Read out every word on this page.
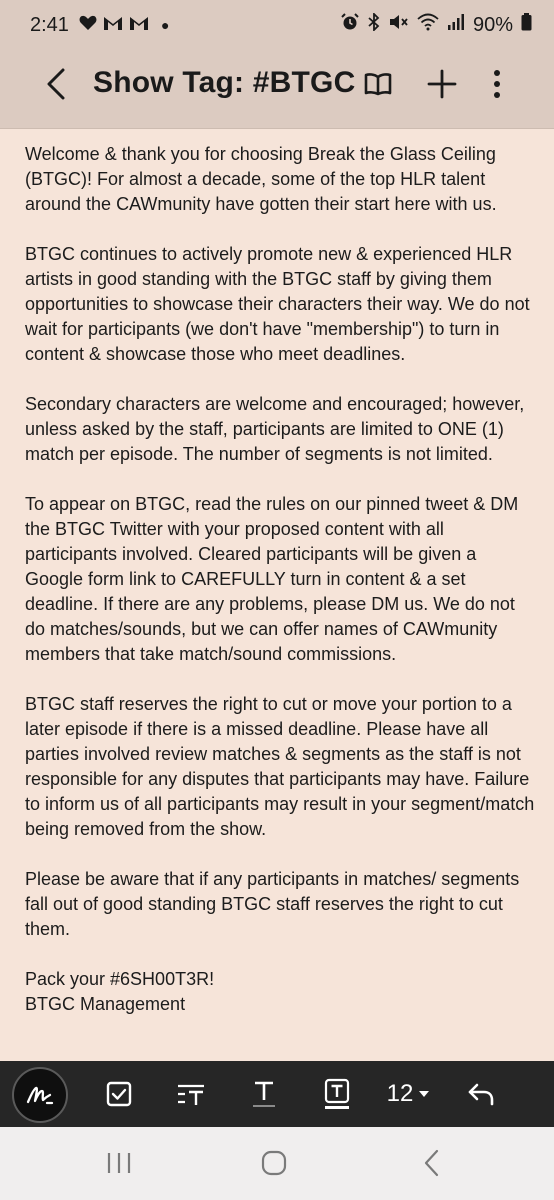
2:41	●	90%
Show Tag: #BTGC

Welcome & thank you for choosing Break the Glass Ceiling (BTGC)! For almost a decade, some of the top HLR talent around the CAWmunity have gotten their start here with us.

BTGC continues to actively promote new & experienced HLR artists in good standing with the BTGC staff by giving them opportunities to showcase their characters their way. We do not wait for participants (we don't have "membership") to turn in content & showcase those who meet deadlines.

Secondary characters are welcome and encouraged; however, unless asked by the staff, participants are limited to ONE (1) match per episode. The number of segments is not limited.

To appear on BTGC, read the rules on our pinned tweet & DM the BTGC Twitter with your proposed content with all participants involved. Cleared participants will be given a Google form link to CAREFULLY turn in content & a set deadline. If there are any problems, please DM us. We do not do matches/sounds, but we can offer names of CAWmunity members that take match/sound commissions.

BTGC staff reserves the right to cut or move your portion to a later episode if there is a missed deadline. Please have all parties involved review matches & segments as the staff is not responsible for any disputes that participants may have. Failure to inform us of all participants may result in your segment/match being removed from the show.

Please be aware that if any participants in matches/ segments fall out of good standing BTGC staff reserves the right to cut them.

Pack your #6SH00T3R!

BTGC Management

12
